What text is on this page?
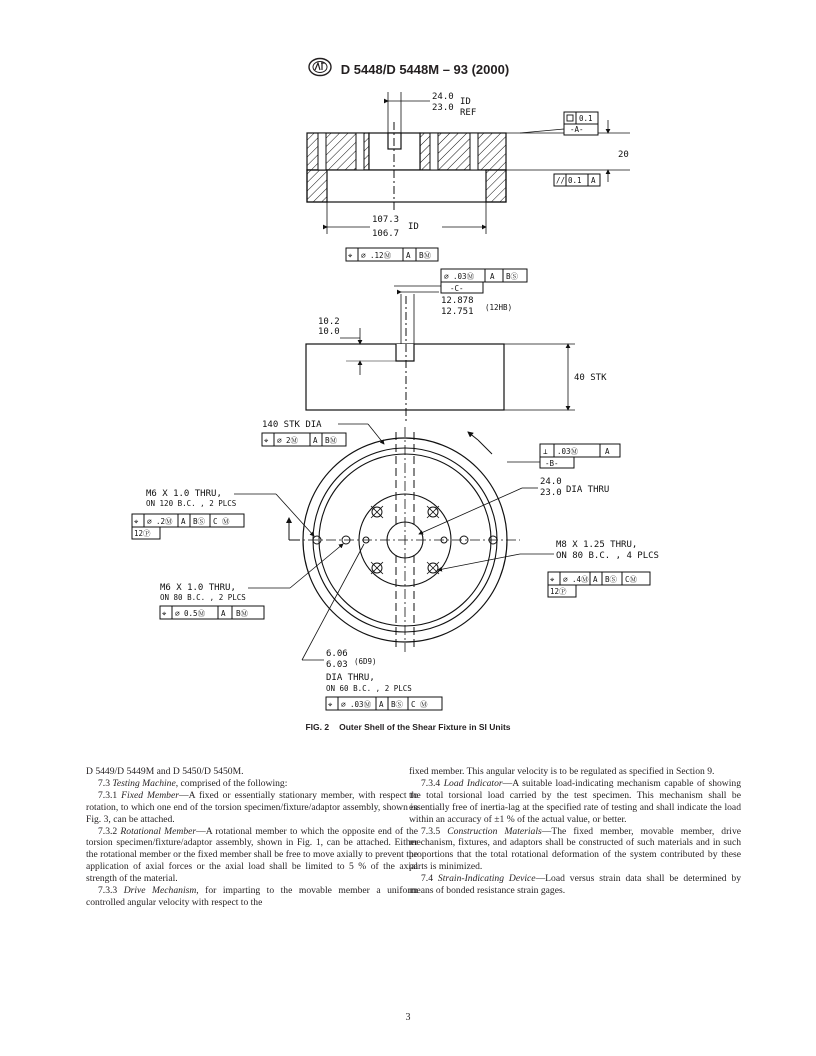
D 5448/D 5448M – 93 (2000)
24.0
23.0
ID
REF
20
0.1
-A-
// 0.1 A
107.3
106.7
ID
⌖ ⌀ .12Ⓜ A BⓂ
⌀ .03Ⓜ A BⓈ
-C-
12.878
12.751 (12HB)
10.2
10.0
40 STK
140 STK DIA
⌖ ⌀ 2Ⓜ A BⓂ
⊥ .03Ⓜ	A
-B-
24.0
23.0 DIA THRU
M6 X 1.0 THRU,
ON 120 B.C. , 2 PLCS
⌖ ⌀ .2Ⓜ A BⓈ C Ⓜ
12Ⓟ
M8 X 1.25 THRU,
ON 80 B.C. , 4 PLCS
⌖ ⌀ .4Ⓜ A BⓈ CⓂ
12Ⓟ
M6 X 1.0 THRU,
ON 80 B.C. , 2 PLCS
⌖ ⌀ 0.5Ⓜ A BⓂ
6.06
6.03 (6D9)
DIA THRU,
ON 60 B.C. , 2 PLCS
⌖ ⌀ .03Ⓜ A BⓈ C Ⓜ
FIG. 2 Outer Shell of the Shear Fixture in SI Units

D 5449/D 5449M and D 5450/D 5450M.

7.3 Testing Machine, comprised of the following:

7.3.1 Fixed Member—A fixed or essentially stationary member, with respect to rotation, to which one end of the torsion specimen/fixture/adaptor assembly, shown in Fig. 3, can be attached.

7.3.2 Rotational Member—A rotational member to which the opposite end of the torsion specimen/fixture/adaptor assembly, shown in Fig. 1, can be attached. Either the rotational member or the fixed member shall be free to move axially to prevent the application of axial forces or the axial load shall be limited to 5 % of the axial strength of the material.

7.3.3 Drive Mechanism, for imparting to the movable member a uniform controlled angular velocity with respect to the

fixed member. This angular velocity is to be regulated as specified in Section 9.

7.3.4 Load Indicator—A suitable load-indicating mechanism capable of showing the total torsional load carried by the test specimen. This mechanism shall be essentially free of inertia-lag at the specified rate of testing and shall indicate the load within an accuracy of ±1 % of the actual value, or better.

7.3.5 Construction Materials—The fixed member, movable member, drive mechanism, fixtures, and adaptors shall be constructed of such materials and in such proportions that the total rotational deformation of the system contributed by these parts is minimized.

7.4 Strain-Indicating Device—Load versus strain data shall be determined by means of bonded resistance strain gages.

3
